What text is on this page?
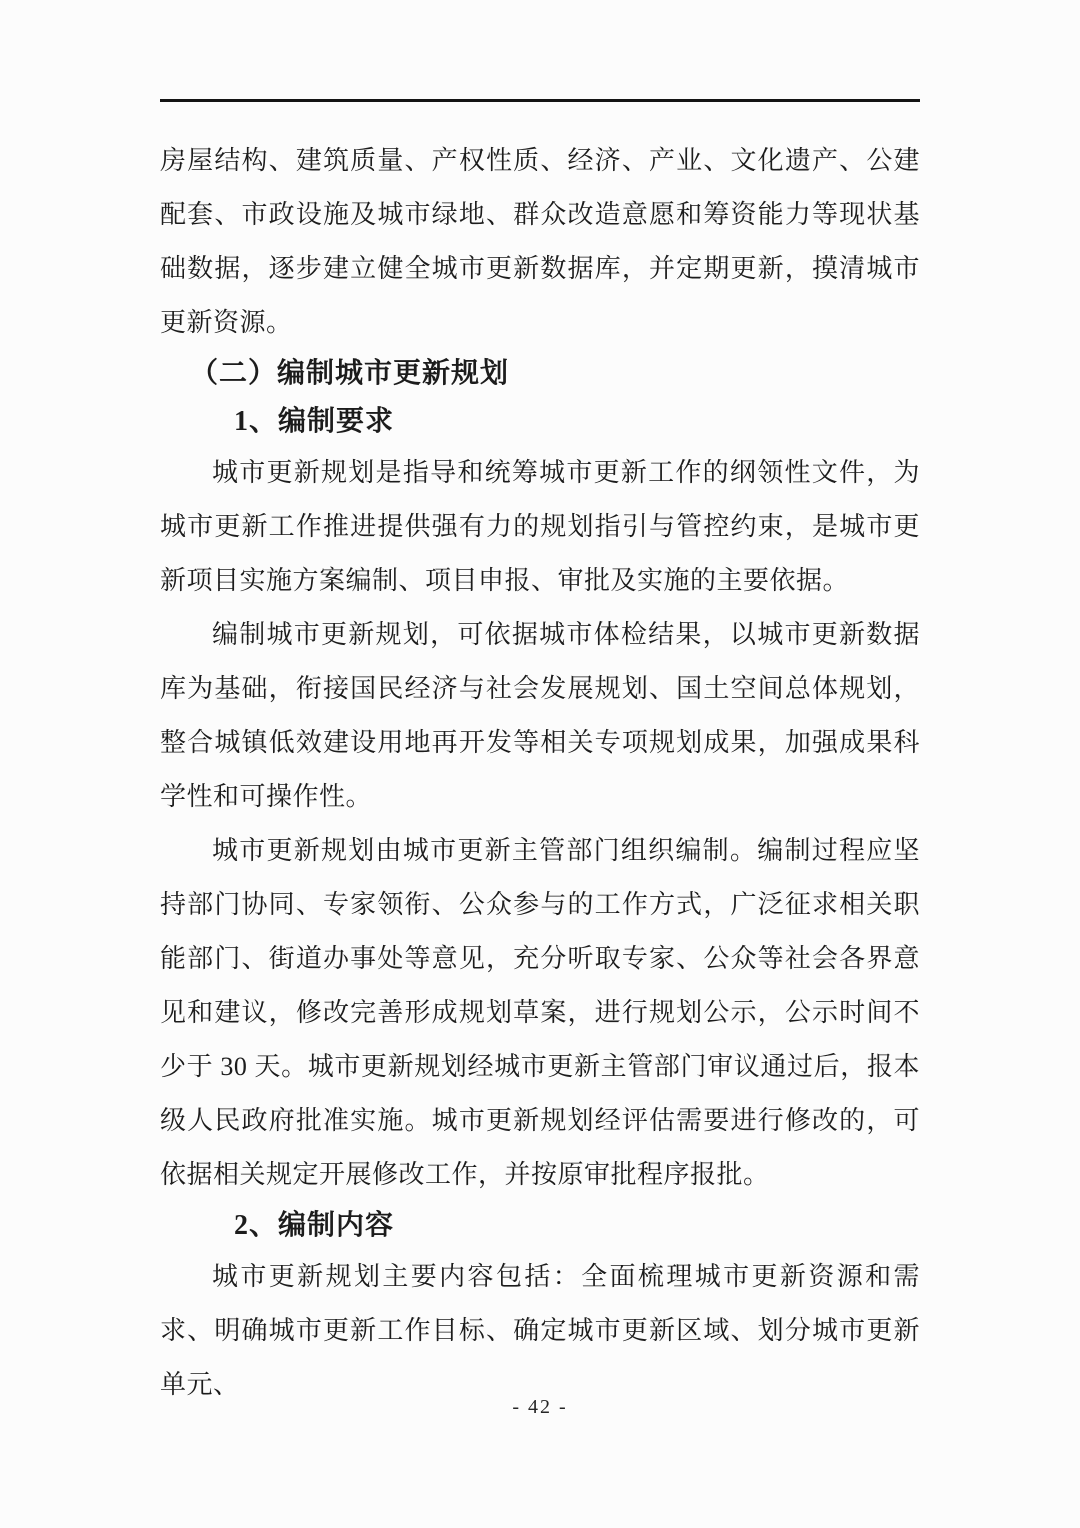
房屋结构、建筑质量、产权性质、经济、产业、文化遗产、公建配套、市政设施及城市绿地、群众改造意愿和筹资能力等现状基础数据，逐步建立健全城市更新数据库，并定期更新，摸清城市更新资源。

（二）编制城市更新规划
1、编制要求

城市更新规划是指导和统筹城市更新工作的纲领性文件，为城市更新工作推进提供强有力的规划指引与管控约束，是城市更新项目实施方案编制、项目申报、审批及实施的主要依据。

编制城市更新规划，可依据城市体检结果，以城市更新数据库为基础，衔接国民经济与社会发展规划、国土空间总体规划，整合城镇低效建设用地再开发等相关专项规划成果，加强成果科学性和可操作性。

城市更新规划由城市更新主管部门组织编制。编制过程应坚持部门协同、专家领衔、公众参与的工作方式，广泛征求相关职能部门、街道办事处等意见，充分听取专家、公众等社会各界意见和建议，修改完善形成规划草案，进行规划公示，公示时间不少于 30 天。城市更新规划经城市更新主管部门审议通过后，报本级人民政府批准实施。城市更新规划经评估需要进行修改的，可依据相关规定开展修改工作，并按原审批程序报批。

2、编制内容

城市更新规划主要内容包括：全面梳理城市更新资源和需求、明确城市更新工作目标、确定城市更新区域、划分城市更新单元、

- 42 -
